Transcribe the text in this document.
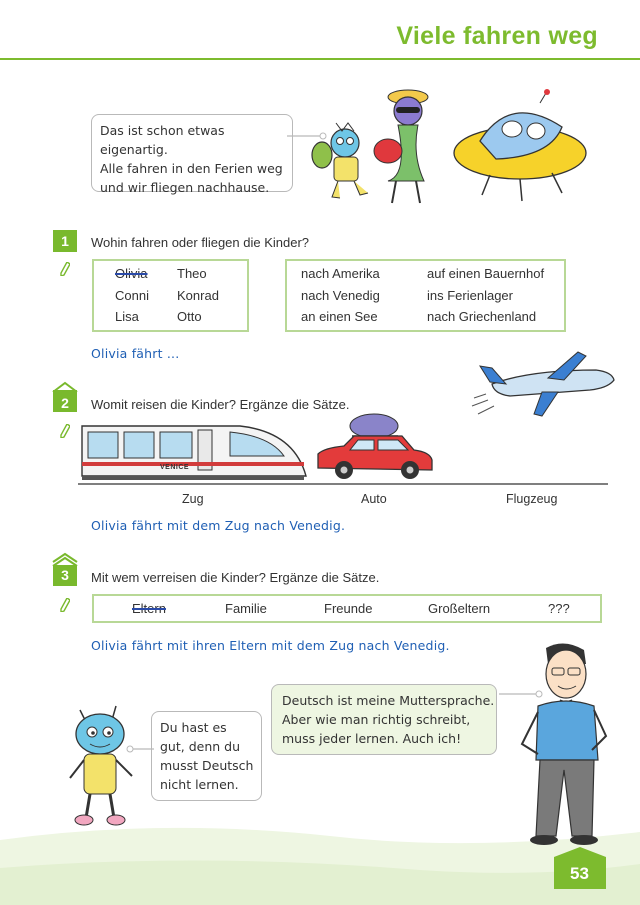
Viele fahren weg

Das ist schon etwas eigenartig.

Alle fahren in den Ferien weg

und wir fliegen nachhause.

1	Wohin fahren oder fliegen die Kinder?
Olivia Theo
Conni Konrad
Lisa	Otto
nach Amerika	auf einen Bauernhof
nach Venedig	ins Ferienlager
an einen See	nach Griechenland
Olivia fährt ...
2	Womit reisen die Kinder? Ergänze die Sätze.
VENICE
Zug	Auto	Flugzeug
Olivia fährt mit dem Zug nach Venedig.
3	Mit wem verreisen die Kinder? Ergänze die Sätze.
Eltern	Familie	Freunde	Großeltern	???
Olivia fährt mit ihren Eltern mit dem Zug nach Venedig.

Du hast es

gut, denn du

musst Deutsch

nicht lernen.

Deutsch ist meine Muttersprache.

Aber wie man richtig schreibt,

muss jeder lernen. Auch ich!

53
